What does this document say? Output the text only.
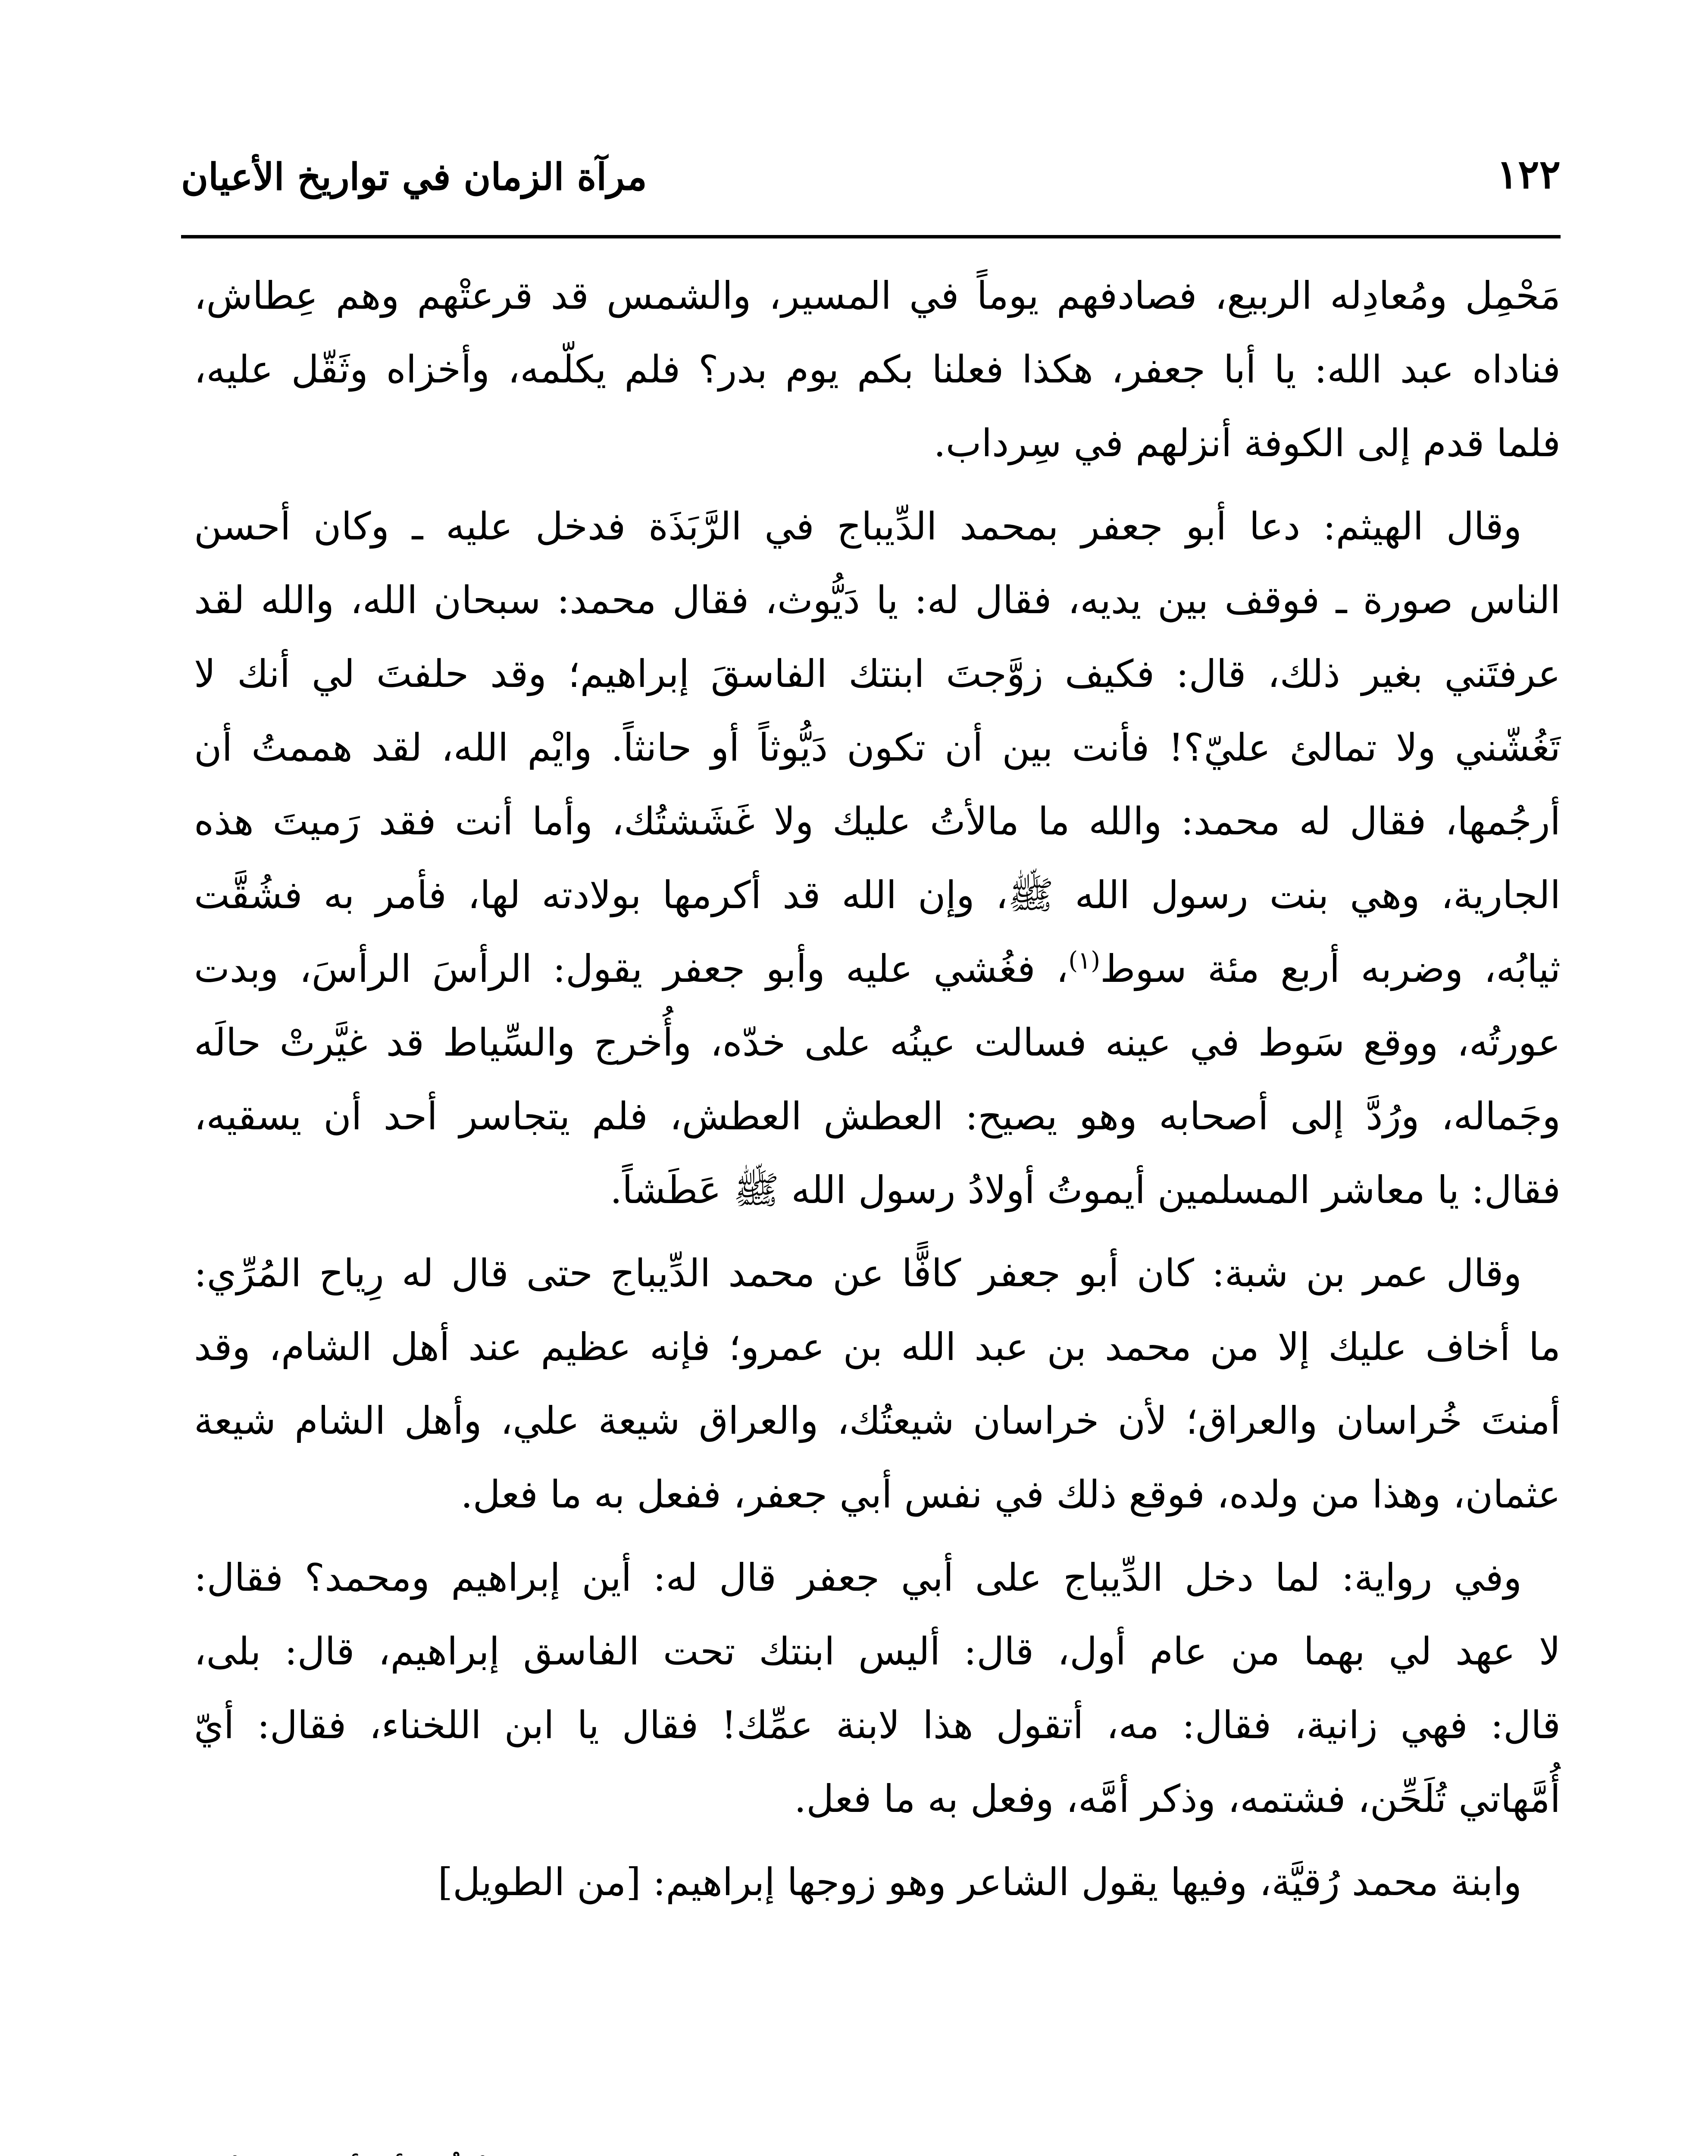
١٢٢
مرآة الزمان في تواريخ الأعيان

مَحْمِل ومُعادِله الربيع، فصادفهم يوماً في المسير، والشمس قد قرعتْهم وهم عِطاش،
فناداه عبد الله: يا أبا جعفر، هكذا فعلنا بكم يوم بدر؟ فلم يكلّمه، وأخزاه وثَقّل عليه،
فلما قدم إلى الكوفة أنزلهم في سِرداب.

وقال الهيثم: دعا أبو جعفر بمحمد الدِّيباج في الرَّبَذَة فدخل عليه ـ وكان أحسن
الناس صورة ـ فوقف بين يديه، فقال له: يا دَيُّوث، فقال محمد: سبحان الله، والله لقد
عرفتَني بغير ذلك، قال: فكيف زوَّجتَ ابنتك الفاسقَ إبراهيم؛ وقد حلفتَ لي أنك لا
تَغُشّني ولا تمالئ عليّ؟! فأنت بين أن تكون دَيُّوثاً أو حانثاً. وايْم الله، لقد هممتُ أن
أرجُمها، فقال له محمد: والله ما مالأتُ عليك ولا غَشَشتُك، وأما أنت فقد رَميتَ هذه
الجارية، وهي بنت رسول الله ﷺ، وإن الله قد أكرمها بولادته لها، فأمر به فشُقَّت
ثيابُه، وضربه أربع مئة سوط$^{(١)}$، فغُشي عليه وأبو جعفر يقول: الرأسَ الرأسَ، وبدت
عورتُه، ووقع سَوط في عينه فسالت عينُه على خدّه، وأُخرج والسِّياط قد غيَّرتْ حالَه
وجَماله، ورُدَّ إلى أصحابه وهو يصيح: العطش العطش، فلم يتجاسر أحد أن يسقيه،
فقال: يا معاشر المسلمين أيموتُ أولادُ رسول الله ﷺ عَطَشاً.

وقال عمر بن شبة: كان أبو جعفر كافًّا عن محمد الدِّيباج حتى قال له رِياح المُرِّي:
ما أخاف عليك إلا من محمد بن عبد الله بن عمرو؛ فإنه عظيم عند أهل الشام، وقد
أمنتَ خُراسان والعراق؛ لأن خراسان شيعتُك، والعراق شيعة علي، وأهل الشام شيعة
عثمان، وهذا من ولده، فوقع ذلك في نفس أبي جعفر، ففعل به ما فعل.

وفي رواية: لما دخل الدِّيباج على أبي جعفر قال له: أين إبراهيم ومحمد؟ فقال:
لا عهد لي بهما من عام أول، قال: أليس ابنتك تحت الفاسق إبراهيم، قال: بلى،
قال: فهي زانية، فقال: مه، أتقول هذا لابنة عمِّك! فقال يا ابن اللخناء، فقال: أيّ
أُمَّهاتي تُلَحِّن، فشتمه، وذكر أمَّه، وفعل به ما فعل.

وابنة محمد رُقيَّة، وفيها يقول الشاعر وهو زوجها إبراهيم: [من الطويل]
